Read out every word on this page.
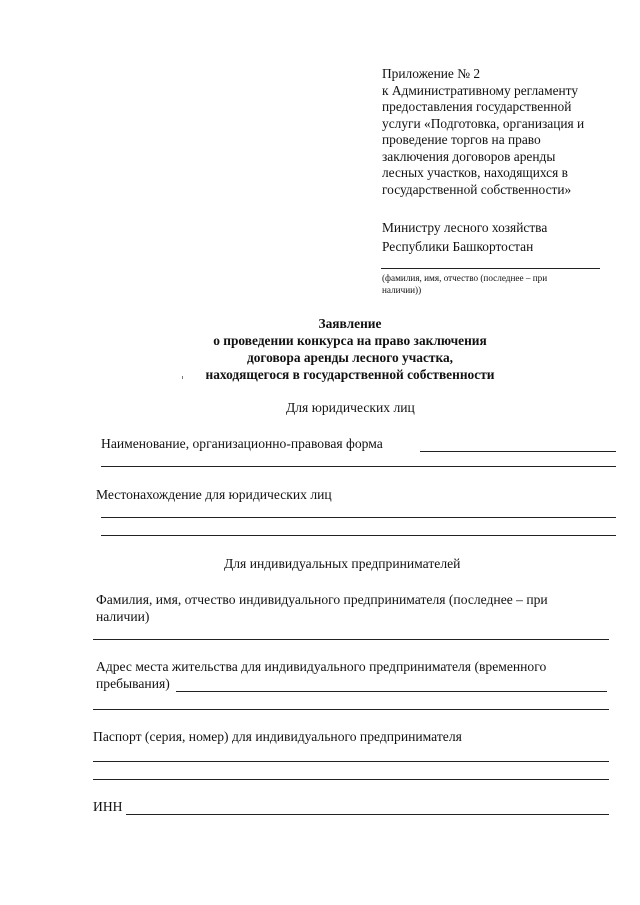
Приложение № 2
к Административному регламенту
предоставления государственной
услуги «Подготовка, организация и
проведение торгов на право
заключения договоров аренды
лесных участков, находящихся в
государственной собственности»
Министру лесного хозяйства
Республики Башкортостан
(фамилия, имя, отчество (последнее – при
наличии))
Заявление
о проведении конкурса на право заключения
договора аренды лесного участка,
находящегося в государственной собственности
Для юридических лиц
Наименование, организационно-правовая форма
Местонахождение для юридических лиц
Для индивидуальных предпринимателей
Фамилия, имя, отчество индивидуального предпринимателя (последнее – при
наличии)
Адрес места жительства для индивидуального предпринимателя (временного
пребывания)
Паспорт (серия, номер) для индивидуального предпринимателя
ИНН
